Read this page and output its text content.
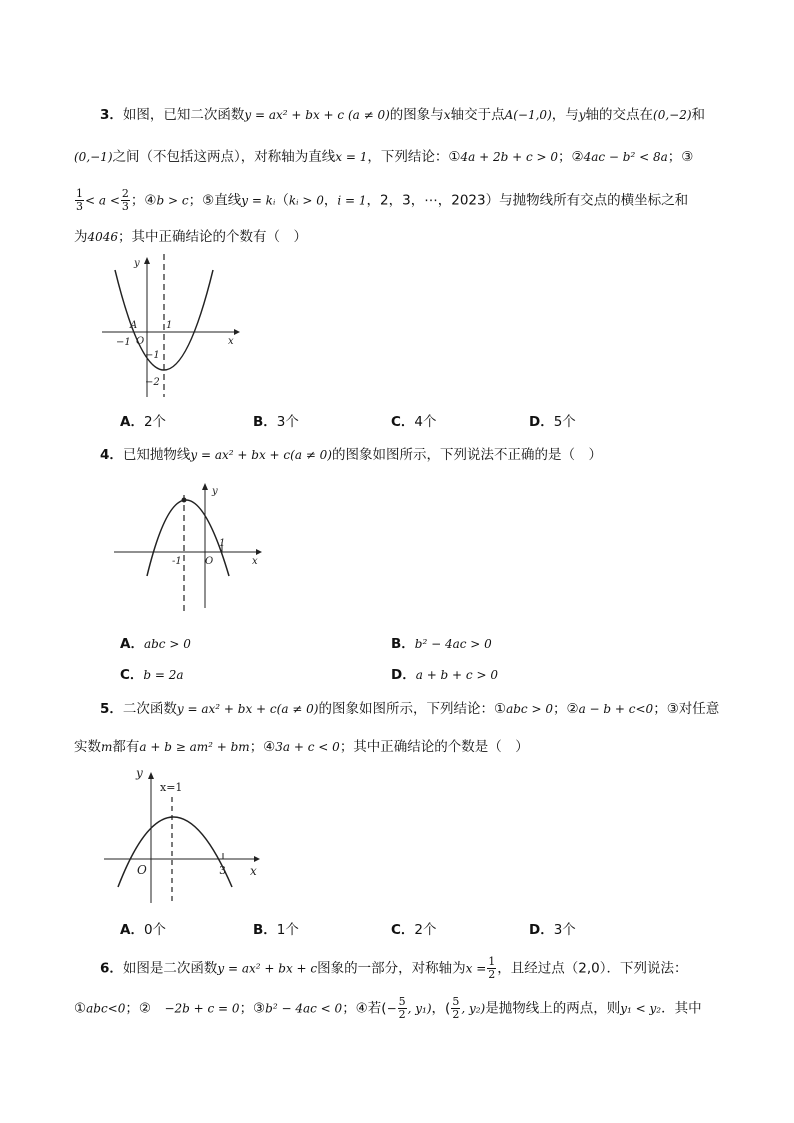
3．如图，已知二次函数y = ax² + bx + c (a ≠ 0)的图象与x轴交于点A(−1,0)，与y轴的交点在(0,−2)和
(0,−1)之间（不包括这两点），对称轴为直线x = 1，下列结论：①4a + 2b + c > 0；②4ac − b² < 8a；③
$\frac{1}{3} < a < \frac{2}{3}$ ；④b > c；⑤直线y = kᵢ（kᵢ > 0，i = 1，2，3，⋯，2023）与抛物线所有交点的横坐标之和
为4046；其中正确结论的个数有（　）
y
x
A
O
−1
1
−1
−2
A．2个	B．3个	C．4个	D．5个
4．已知抛物线y = ax² + bx + c(a ≠ 0)的图象如图所示，下列说法不正确的是（　）
y
x
-1 O
1
A．abc > 0	B．b² − 4ac > 0
C．b = 2a	D．a + b + c > 0
5．二次函数y = ax² + bx + c(a ≠ 0)的图象如图所示，下列结论：①abc > 0；②a − b + c<0；③对任意
实数m都有a + b ≥ am² + bm；④3a + c < 0；其中正确结论的个数是（　）
y
x
x=1
O	3
A．0个	B．1个	C．2个	D．3个
6．如图是二次函数y = ax² + bx + c图象的一部分，对称轴为$x = \frac{1}{2}$ ，且经过点（2,0）．下列说法：
①abc<0；②　−2b + c = 0；③b² − 4ac < 0；④若(− $\frac{5}{2}$ , y₁)，( $\frac{5}{2}$ , y₂)是抛物线上的两点，则y₁ < y₂．其中
